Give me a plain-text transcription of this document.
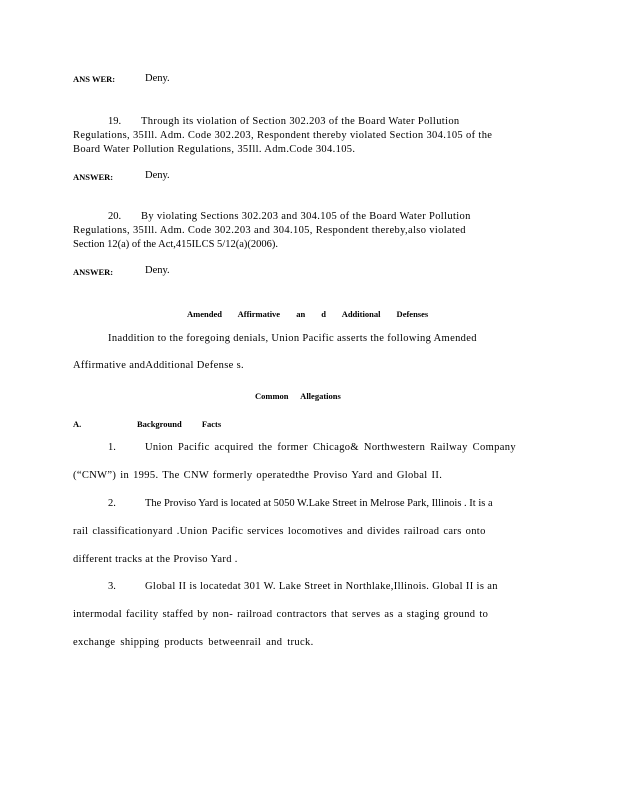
ANS WER:	Deny.
19. Through its violation of Section 302.203 of the Board Water Pollution
Regulations, 35Ill. Adm. Code 302.203, Respondent thereby violated Section 304.105 of the
Board Water Pollution Regulations, 35Ill. Adm.Code 304.105.
ANSWER:	Deny.
20. By violating Sections 302.203 and 304.105 of the Board Water Pollution
Regulations, 35Ill. Adm. Code 302.203 and 304.105, Respondent thereby,also violated
Section 12(a) of the Act,415ILCS 5/12(a)(2006).
ANSWER:	Deny.
Amended Affirmative an d Additional Defenses
Inaddition to the foregoing denials, Union Pacific asserts the following Amended
Affirmative andAdditional Defense s.
Common Allegations
A.	Background Facts
1.	Union Pacific acquired the former Chicago& Northwestern Railway Company
(“CNW”) in 1995. The CNW formerly operatedthe Proviso Yard and Global II.
2.	The Proviso Yard is located at 5050 W.Lake Street in Melrose Park, Illinois . It is a
rail classificationyard .Union Pacific services locomotives and divides railroad cars onto
different tracks at the Proviso Yard .
3.	Global II is locatedat 301 W. Lake Street in Northlake,Illinois. Global II is an
intermodal facility staffed by non- railroad contractors that serves as a staging ground to
exchange shipping products betweenrail and truck.
